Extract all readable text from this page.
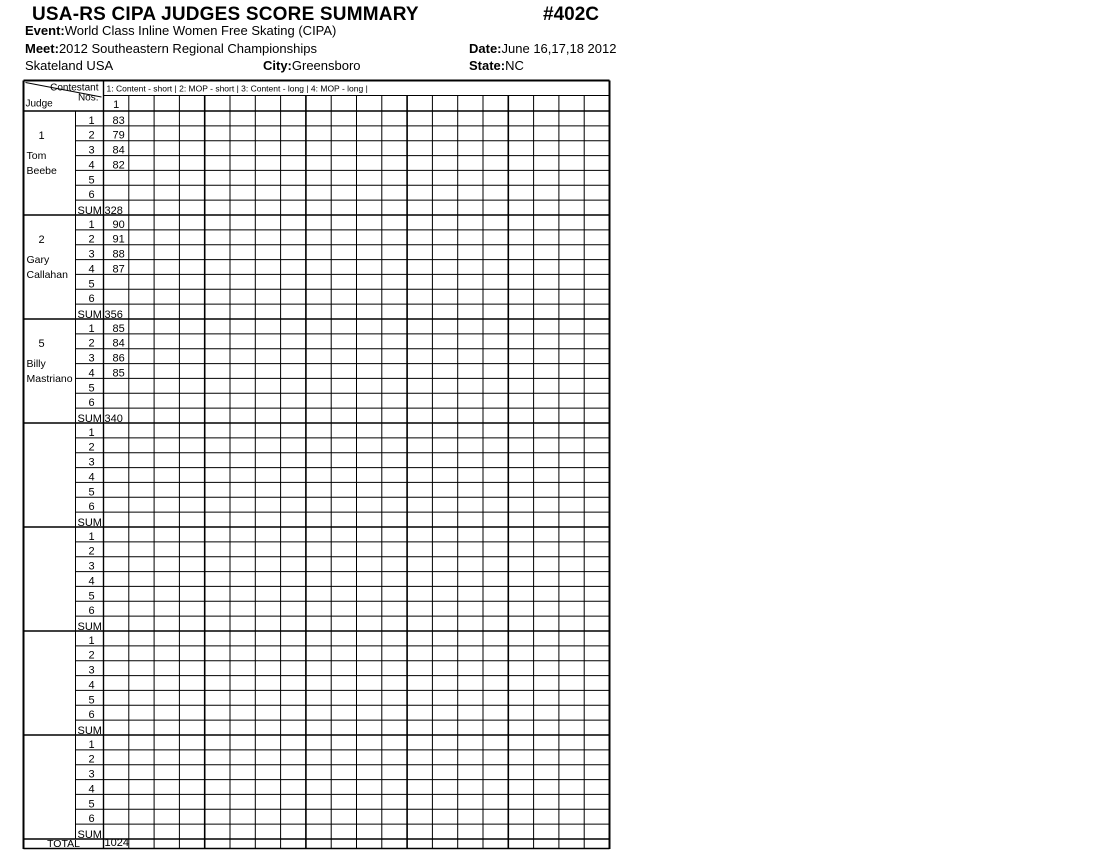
USA-RS CIPA JUDGES SCORE SUMMARY	#402C
Event:World Class Inline Women Free Skating (CIPA)
Meet:2012 Southeastern Regional Championships	Date:June 16,17,18 2012
Skateland USA	City:Greensboro	State:NC
Contestant
Nos.
Judge
1: Content - short | 2: MOP - short | 3: Content - long | 4: MOP - long |
1
1
Tom
Beebe
1 83
2 79
3 84
4 82
5
6
SUM 328
2
Gary
Callahan
1 90
2 91
3 88
4 87
5
6
SUM 356
5
Billy
Mastriano
1 85
2 84
3 86
4 85
5
6
SUM 340
1
2
3
4
5
6
SUM
1
2
3
4
5
6
SUM
1
2
3
4
5
6
SUM
1
2
3
4
5
6
SUM
TOTAL 1024
